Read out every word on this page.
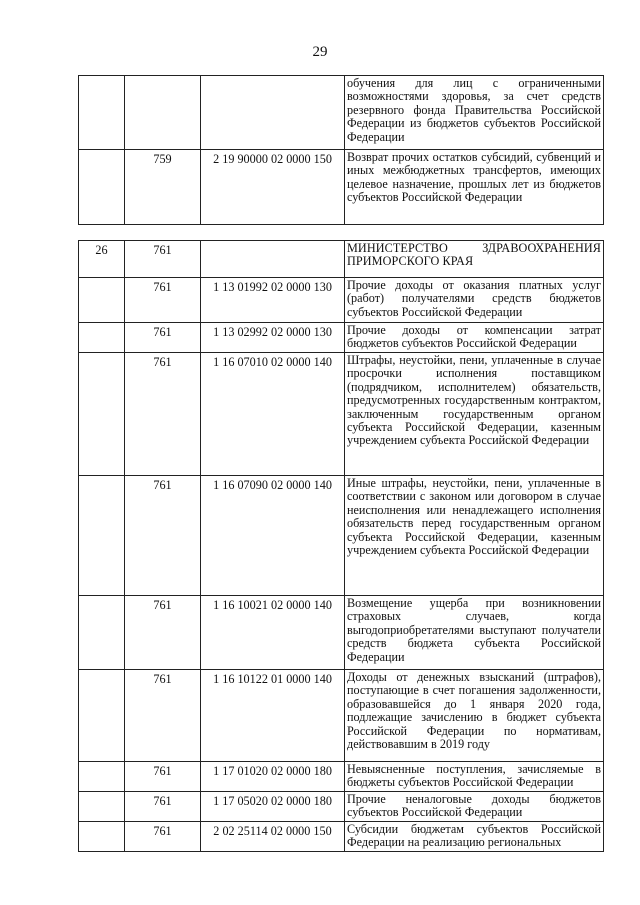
29
			обучения для лиц с ограниченными возможностями здоровья, за счет средств резервного фонда Правительства Российской Федерации из бюджетов субъектов Российской Федерации
	759	2 19 90000 02 0000 150	Возврат прочих остатков субсидий, субвенций и иных межбюджетных трансфертов, имеющих целевое назначение, прошлых лет из бюджетов субъектов Российской Федерации
26	761		МИНИСТЕРСТВО ЗДРАВООХРАНЕНИЯ ПРИМОРСКОГО КРАЯ
	761	1 13 01992 02 0000 130	Прочие доходы от оказания платных услуг (работ) получателями средств бюджетов субъектов Российской Федерации
	761	1 13 02992 02 0000 130	Прочие доходы от компенсации затрат бюджетов субъектов Российской Федерации
	761	1 16 07010 02 0000 140	Штрафы, неустойки, пени, уплаченные в случае просрочки исполнения поставщиком (подрядчиком, исполнителем) обязательств, предусмотренных государственным контрактом, заключенным государственным органом субъекта Российской Федерации, казенным учреждением субъекта Российской Федерации
	761	1 16 07090 02 0000 140	Иные штрафы, неустойки, пени, уплаченные в соответствии с законом или договором в случае неисполнения или ненадлежащего исполнения обязательств перед государственным органом субъекта Российской Федерации, казенным учреждением субъекта Российской Федерации
	761	1 16 10021 02 0000 140	Возмещение ущерба при возникновении страховых случаев, когда выгодоприобретателями выступают получатели средств бюджета субъекта Российской Федерации
	761	1 16 10122 01 0000 140	Доходы от денежных взысканий (штрафов), поступающие в счет погашения задолженности, образовавшейся до 1 января 2020 года, подлежащие зачислению в бюджет субъекта Российской Федерации по нормативам, действовавшим в 2019 году
	761	1 17 01020 02 0000 180	Невыясненные поступления, зачисляемые в бюджеты субъектов Российской Федерации
	761	1 17 05020 02 0000 180	Прочие неналоговые доходы бюджетов субъектов Российской Федерации
	761	2 02 25114 02 0000 150	Субсидии бюджетам субъектов Российской Федерации на реализацию региональных
